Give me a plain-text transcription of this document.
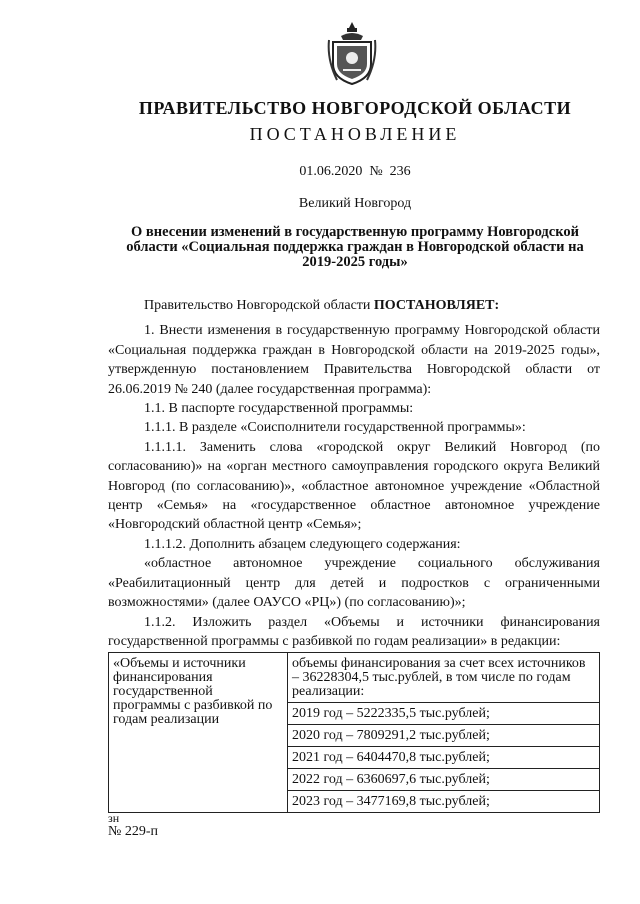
ПРАВИТЕЛЬСТВО НОВГОРОДСКОЙ ОБЛАСТИ
ПОСТАНОВЛЕНИЕ
01.06.2020 № 236
Великий Новгород
О внесении изменений в государственную программу Новгородской области «Социальная поддержка граждан в Новгородской области на 2019-2025 годы»

Правительство Новгородской области ПОСТАНОВЛЯЕТ:

1. Внести изменения в государственную программу Новгородской области «Социальная поддержка граждан в Новгородской области на 2019-2025 годы», утвержденную постановлением Правительства Новгородской области от 26.06.2019 № 240 (далее государственная программа):

1.1. В паспорте государственной программы:

1.1.1. В разделе «Соисполнители государственной программы»:

1.1.1.1. Заменить слова «городской округ Великий Новгород (по согласованию)» на «орган местного самоуправления городского округа Великий Новгород (по согласованию)», «областное автономное учреждение «Областной центр «Семья» на «государственное областное автономное учреждение «Новгородский областной центр «Семья»;

1.1.1.2. Дополнить абзацем следующего содержания:

«областное автономное учреждение социального обслуживания «Реабилитационный центр для детей и подростков с ограниченными возможностями» (далее ОАУСО «РЦ») (по согласованию)»;

1.1.2. Изложить раздел «Объемы и источники финансирования государственной программы с разбивкой по годам реализации» в редакции:

«Объемы и источники финансирования государственной программы с разбивкой по годам реализации	объемы финансирования за счет всех источников – 36228304,5 тыс.рублей, в том числе по годам реализации:
2019 год – 5222335,5 тыс.рублей;
2020 год – 7809291,2 тыс.рублей;
2021 год – 6404470,8 тыс.рублей;
2022 год – 6360697,6 тыс.рублей;
2023 год – 3477169,8 тыс.рублей;
зн
№ 229-п
